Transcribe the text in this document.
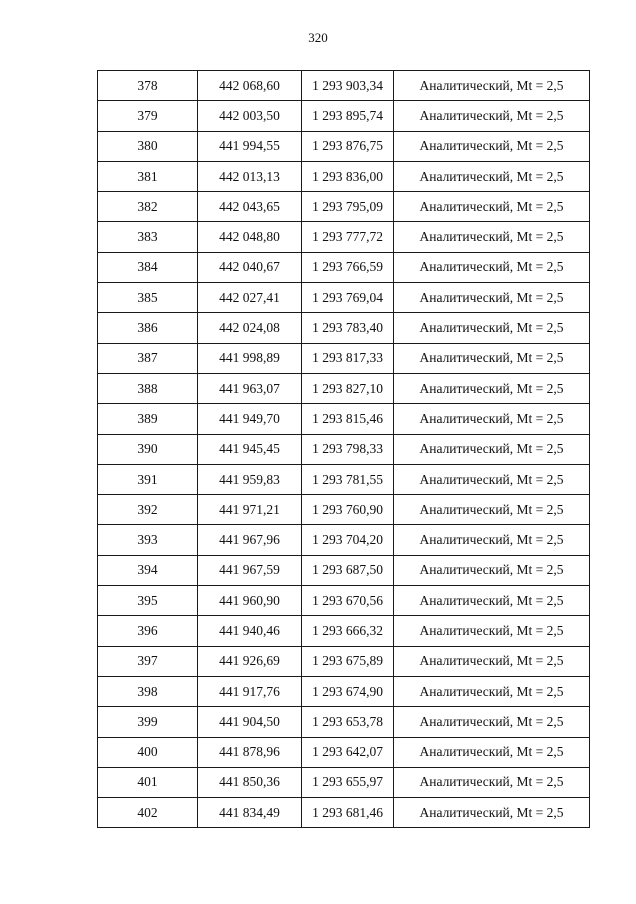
320
378	442 068,60	1 293 903,34	Аналитический, Mt = 2,5
379	442 003,50	1 293 895,74	Аналитический, Mt = 2,5
380	441 994,55	1 293 876,75	Аналитический, Mt = 2,5
381	442 013,13	1 293 836,00	Аналитический, Mt = 2,5
382	442 043,65	1 293 795,09	Аналитический, Mt = 2,5
383	442 048,80	1 293 777,72	Аналитический, Mt = 2,5
384	442 040,67	1 293 766,59	Аналитический, Mt = 2,5
385	442 027,41	1 293 769,04	Аналитический, Mt = 2,5
386	442 024,08	1 293 783,40	Аналитический, Mt = 2,5
387	441 998,89	1 293 817,33	Аналитический, Mt = 2,5
388	441 963,07	1 293 827,10	Аналитический, Mt = 2,5
389	441 949,70	1 293 815,46	Аналитический, Mt = 2,5
390	441 945,45	1 293 798,33	Аналитический, Mt = 2,5
391	441 959,83	1 293 781,55	Аналитический, Mt = 2,5
392	441 971,21	1 293 760,90	Аналитический, Mt = 2,5
393	441 967,96	1 293 704,20	Аналитический, Mt = 2,5
394	441 967,59	1 293 687,50	Аналитический, Mt = 2,5
395	441 960,90	1 293 670,56	Аналитический, Mt = 2,5
396	441 940,46	1 293 666,32	Аналитический, Mt = 2,5
397	441 926,69	1 293 675,89	Аналитический, Mt = 2,5
398	441 917,76	1 293 674,90	Аналитический, Mt = 2,5
399	441 904,50	1 293 653,78	Аналитический, Mt = 2,5
400	441 878,96	1 293 642,07	Аналитический, Mt = 2,5
401	441 850,36	1 293 655,97	Аналитический, Mt = 2,5
402	441 834,49	1 293 681,46	Аналитический, Mt = 2,5
